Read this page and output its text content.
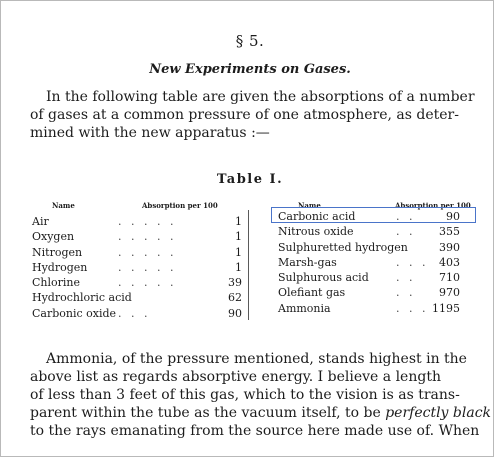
§ 5.
New Experiments on Gases.
In the following table are given the absorptions of a number
of gases at a common pressure of one atmosphere, as deter-
mined with the new apparatus :—
Table I.
Name	Absorption per 100	Name	Absorption per 100
Air	. . . . .	1
Oxygen	. . . . .	1
Nitrogen	. . . . .	1
Hydrogen	. . . . .	1
Chlorine	. . . . .	39
Hydrochloric acid	62
Carbonic oxide . . .	90
Carbonic acid	. .	90
Nitrous oxide	. .	355
Sulphuretted hydrogen	390
Marsh-gas	. . . 403
Sulphurous acid . .	710
Olefiant gas	. .	970
Ammonia	. . . 1195
Ammonia, of the pressure mentioned, stands highest in the
above list as regards absorptive energy. I believe a length
of less than 3 feet of this gas, which to the vision is as trans-
parent within the tube as the vacuum itself, to be perfectly black
to the rays emanating from the source here made use of. When
